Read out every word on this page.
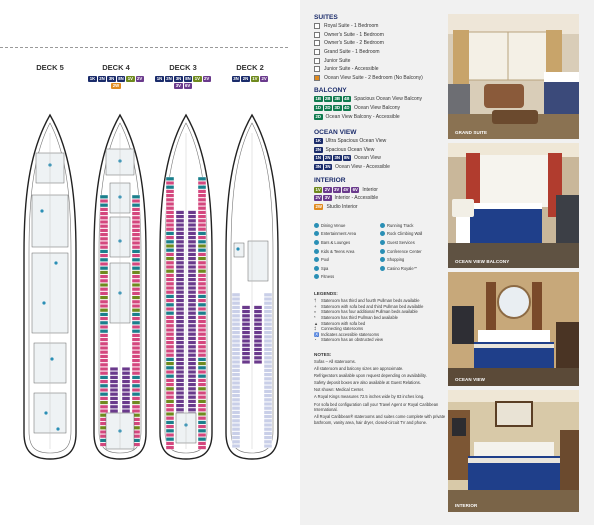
DECK 5	DECK 4	DECK 3	DECK 2
1K 2N 3N 8N 1V 2V
2W
1N 2N 3N 8N 1V 2V
3V 6V
3N 2N 1V 2V
SUITES
Royal Suite - 1 Bedroom
Owner's Suite - 1 Bedroom
Owner's Suite - 2 Bedroom
Grand Suite - 1 Bedroom
Junior Suite
Junior Suite - Accessible
Ocean View Suite - 2 Bedroom (No Balcony)
BALCONY
1B 2B 3B 4B Spacious Ocean View Balcony
1D 2D 3D 4D Ocean View Balcony
2D Ocean View Balcony - Accessible
OCEAN VIEW
1K Ultra Spacious Ocean View
2N Spacious Ocean View
1N 2N 3N 8N Ocean View
3N 3N Ocean View - Accessible
INTERIOR
1V 2V 3V 4V 6V Interior
2V 3V Interior - Accessible
2W Studio Interior
Dining Venue	Running Track
Entertainment Area	Rock Climbing Wall
Bars & Lounges	Guest Services
Kids & Teens Area	Conference Center
Pool	Shopping
Spa	Casino Royale℠
Fitness
LEGENDS:
†	Stateroom has third and fourth Pullman beds available
+	Stateroom with sofa bed and third Pullman bed available
◐	Stateroom has four additional Pullman beds available
*	Stateroom has third Pullman bed available
▲ Stateroom with sofa bed
‡	Connecting staterooms
♿ Indicates accessible staterooms
◔	Stateroom has an obstructed view
NOTES:
Sofas – All staterooms.
All stateroom and balcony sizes are approximate.
Refrigerators available upon request depending on availability.
Safety deposit boxes are also available at Guest Relations.
Not shown: Medical Center.
A Royal Kings measures 72.5 inches wide by 83 inches long.
For sofa bed configuration call your Travel Agent or Royal Caribbean International.
All Royal Caribbean® staterooms and suites come complete with private bathroom, vanity area, hair dryer, closed-circuit TV and phone.
GRAND SUITE
OCEAN VIEW BALCONY
OCEAN VIEW
INTERIOR
